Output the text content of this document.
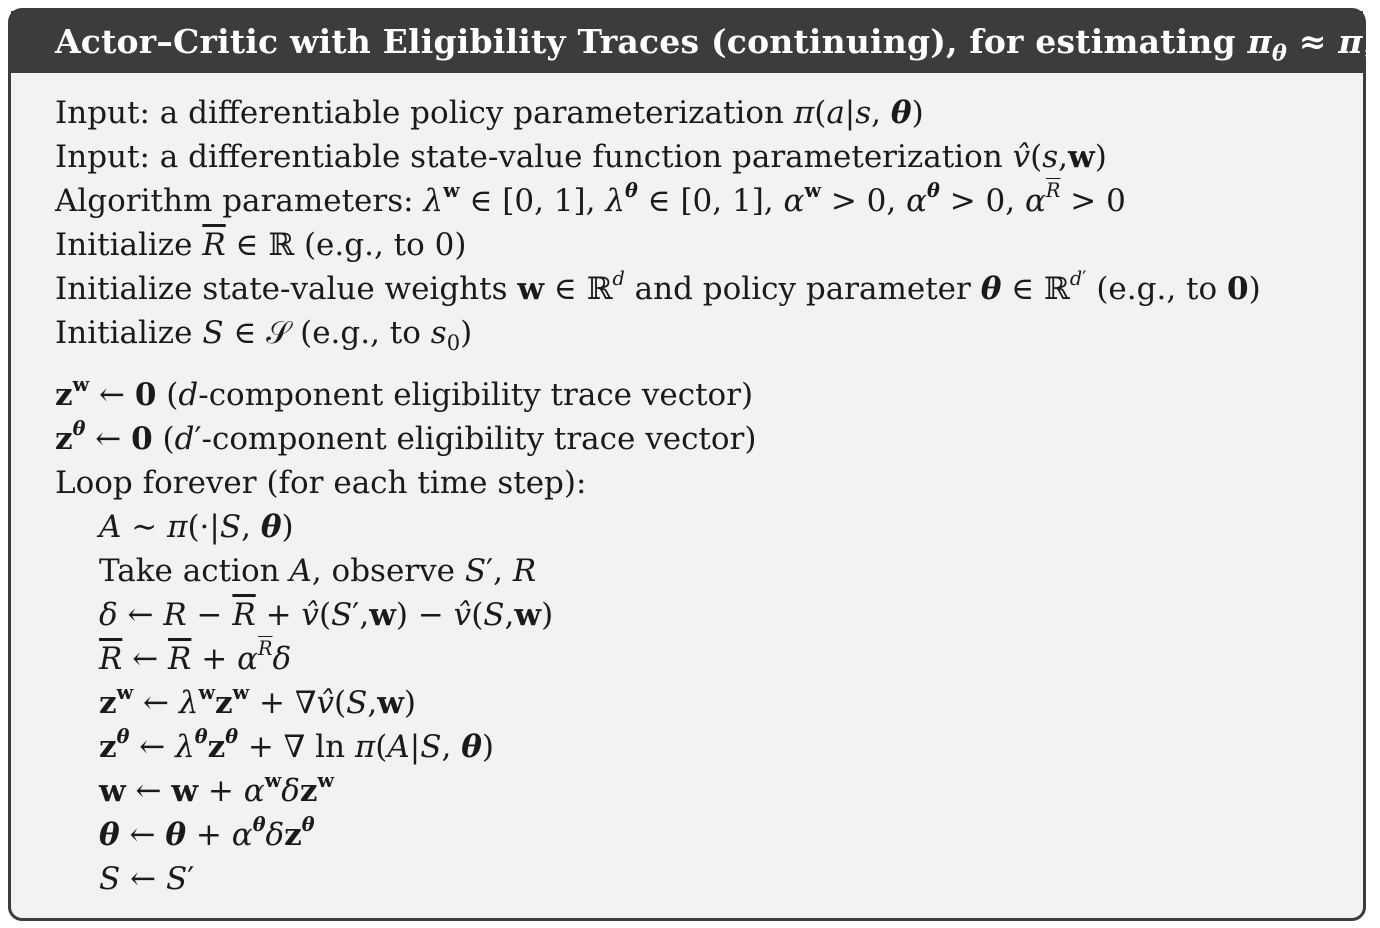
Actor–Critic with Eligibility Traces (continuing), for estimating $\pi_\theta \approx \pi_∗$
Input: a differentiable policy parameterization π(a|s, θ)
Input: a differentiable state-value function parameterization v̂(s,w)
Algorithm parameters: $\lambda^w$ ∈ [0, 1], $\lambda^\theta$ ∈ [0, 1], $\alpha^w > 0$, $\alpha^\theta > 0$, $\alpha^{\overline{R}} > 0$
Initialize $\overline{R}$ ∈ ℝ (e.g., to 0)
Initialize state-value weights w ∈ ℝ$^d$ and policy parameter θ ∈ ℝ$^{d'}$ (e.g., to 0)
Initialize S ∈ 𝒮 (e.g., to $s_0$)
$z^w$ ← 0 (d-component eligibility trace vector)
$z^\theta$ ← 0 (d′-component eligibility trace vector)
Loop forever (for each time step):
A ∼ π(·|S, θ)
Take action A, observe S′, R
δ ← $R - \overline{R}$ + v̂(S′,w) − v̂(S,w)
$\overline{R}$ ← $\overline{R} + \alpha^{\overline{R}}\delta$
$z^w$ ← $\lambda^wz^w$ + ∇v̂(S,w)
$z^\theta$ ← $\lambda^\theta z^\theta$ + ∇ ln π(A|S, θ)
w ← $w + \alpha^w\delta z^w$
θ ← $\theta + \alpha^\theta\delta z^\theta$
S ← S′
